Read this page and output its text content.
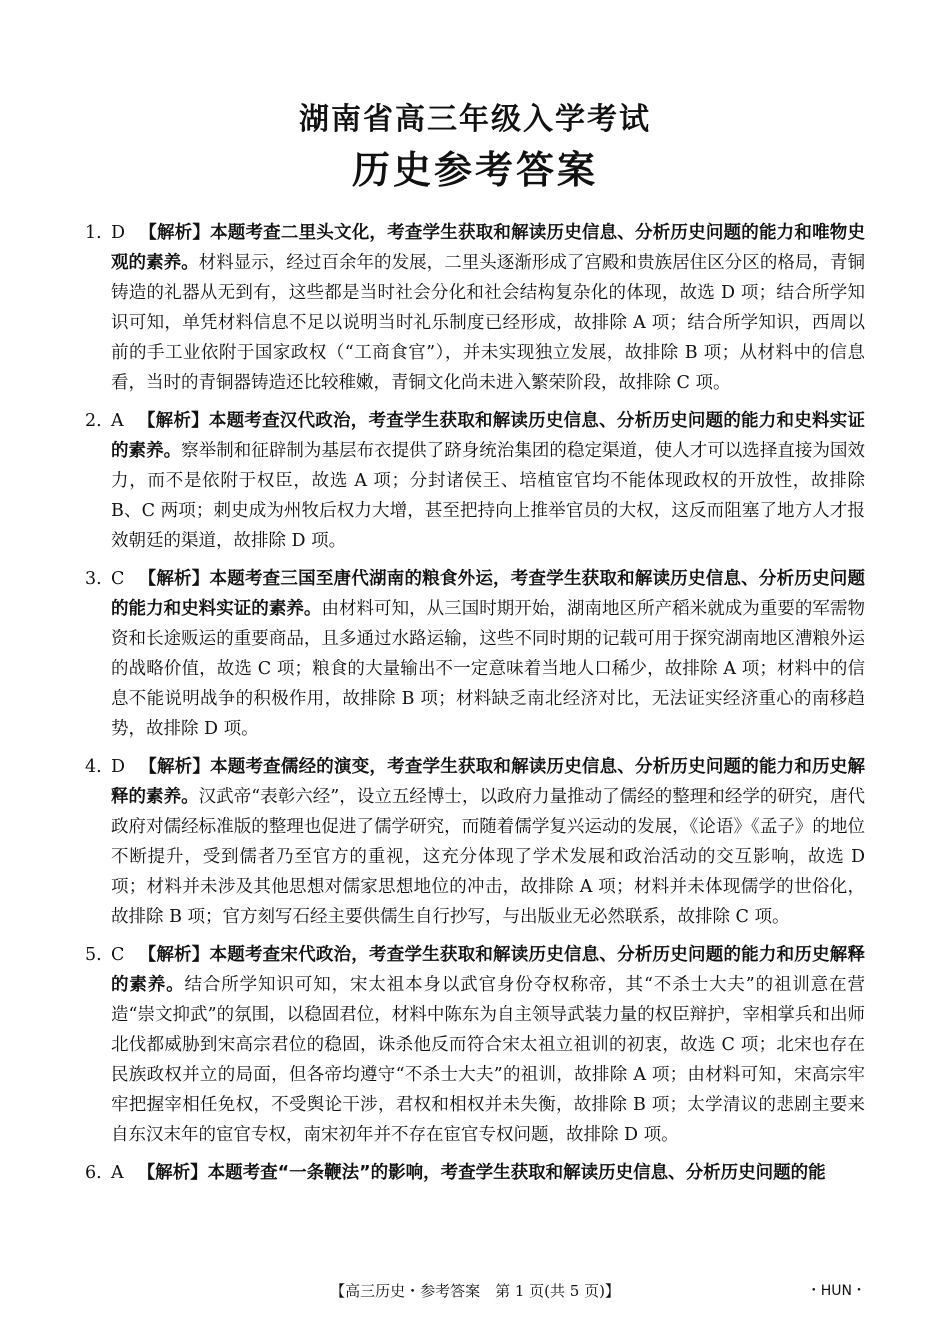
湖南省高三年级入学考试
历史参考答案
1. D 【解析】本题考查二里头文化，考查学生获取和解读历史信息、分析历史问题的能力和唯物史观的素养。材料显示，经过百余年的发展，二里头逐渐形成了宫殿和贵族居住区分区的格局，青铜铸造的礼器从无到有，这些都是当时社会分化和社会结构复杂化的体现，故选 D 项；结合所学知识可知，单凭材料信息不足以说明当时礼乐制度已经形成，故排除 A 项；结合所学知识，西周以前的手工业依附于国家政权（“工商食官”），并未实现独立发展，故排除 B 项；从材料中的信息看，当时的青铜器铸造还比较稚嫩，青铜文化尚未进入繁荣阶段，故排除 C 项。
2. A 【解析】本题考查汉代政治，考查学生获取和解读历史信息、分析历史问题的能力和史料实证的素养。察举制和征辟制为基层布衣提供了跻身统治集团的稳定渠道，使人才可以选择直接为国效力，而不是依附于权臣，故选 A 项；分封诸侯王、培植宦官均不能体现政权的开放性，故排除 B、C 两项；刺史成为州牧后权力大增，甚至把持向上推举官员的大权，这反而阻塞了地方人才报效朝廷的渠道，故排除 D 项。
3. C 【解析】本题考查三国至唐代湖南的粮食外运，考查学生获取和解读历史信息、分析历史问题的能力和史料实证的素养。由材料可知，从三国时期开始，湖南地区所产稻米就成为重要的军需物资和长途贩运的重要商品，且多通过水路运输，这些不同时期的记载可用于探究湖南地区漕粮外运的战略价值，故选 C 项；粮食的大量输出不一定意味着当地人口稀少，故排除 A 项；材料中的信息不能说明战争的积极作用，故排除 B 项；材料缺乏南北经济对比，无法证实经济重心的南移趋势，故排除 D 项。
4. D 【解析】本题考查儒经的演变，考查学生获取和解读历史信息、分析历史问题的能力和历史解释的素养。汉武帝“表彰六经”，设立五经博士，以政府力量推动了儒经的整理和经学的研究，唐代政府对儒经标准版的整理也促进了儒学研究，而随着儒学复兴运动的发展，《论语》《孟子》的地位不断提升，受到儒者乃至官方的重视，这充分体现了学术发展和政治活动的交互影响，故选 D 项；材料并未涉及其他思想对儒家思想地位的冲击，故排除 A 项；材料并未体现儒学的世俗化，故排除 B 项；官方刻写石经主要供儒生自行抄写，与出版业无必然联系，故排除 C 项。
5. C 【解析】本题考查宋代政治，考查学生获取和解读历史信息、分析历史问题的能力和历史解释的素养。结合所学知识可知，宋太祖本身以武官身份夺权称帝，其“不杀士大夫”的祖训意在营造“崇文抑武”的氛围，以稳固君位，材料中陈东为自主领导武装力量的权臣辩护，宰相掌兵和出师北伐都威胁到宋高宗君位的稳固，诛杀他反而符合宋太祖立祖训的初衷，故选 C 项；北宋也存在民族政权并立的局面，但各帝均遵守“不杀士大夫”的祖训，故排除 A 项；由材料可知，宋高宗牢牢把握宰相任免权，不受舆论干涉，君权和相权并未失衡，故排除 B 项；太学清议的悲剧主要来自东汉末年的宦官专权，南宋初年并不存在宦官专权问题，故排除 D 项。
6. A 【解析】本题考查“一条鞭法”的影响，考查学生获取和解读历史信息、分析历史问题的能
【高三历史・参考答案　第 1 页(共 5 页)】	・HUN・
